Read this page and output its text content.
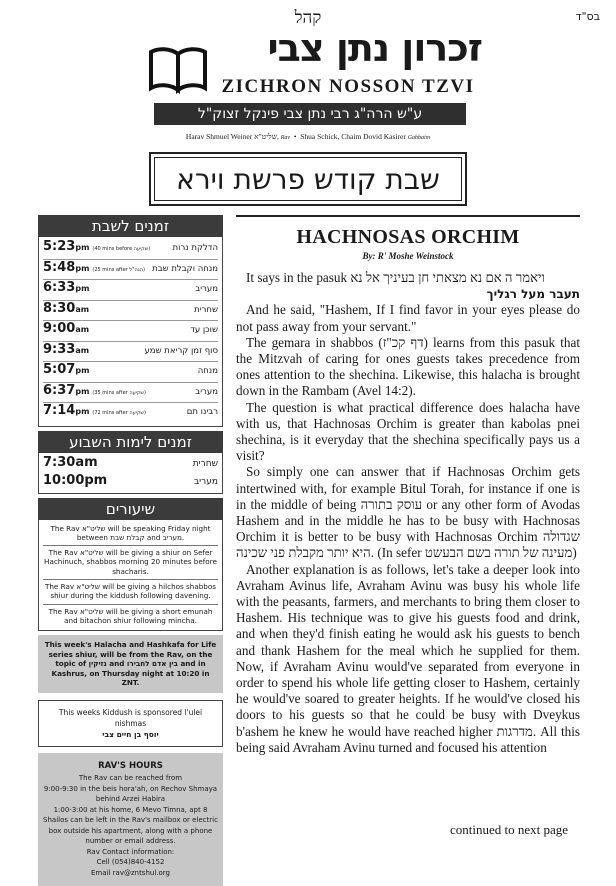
בס"ד
קהל
זכרון נתן צבי
ZICHRON NOSSON TZVI
ע"ש הרה"ג רבי נתן צבי פינקל זצוק"ל
Harav Shmuel Weiner שליט"א, Rav  •  Shua Schick, Chaim Dovid Kasirer Gabbaim
שבת קודש פרשת וירא
זמנים לשבת
5:23pm (40 mins before שקיעה)	הדלקת נרות
5:48pm (25 mins after הנה"ל) מנחה וקבלת שבת
6:33pm	מעריב
8:30am	שחרית
9:00am	שוכן עד
9:33am	סוף זמן קריאת שמע
5:07pm	מנחה
6:37pm (35 mins after שקיעה)	מעריב
7:14pm (72 mins after שקיעה)	רבינו תם
זמנים לימות השבוע
7:30am	שחרית
10:00pm	מעריב
שיעורים
The Rav שליט"א will be speaking Friday night between קבלת שבת and מעריב.
The Rav שליט"א will be giving a shiur on Sefer Hachinuch, shabbos morning 20 minutes before shacharis.
The Rav שליט"א will be giving a hilchos shabbos shiur during the kiddush following davening.
The Rav שליט"א will be giving a short emunah and bitachon shiur following mincha.
This week's Halacha and Hashkafa for Life series shiur, will be from the Rav, on the topic of נזיקין and בין אדם לחבירו and in Kashrus, on Thursday night at 10:20 in ZNT.
This weeks Kiddush is sponsored l'ulei nishmas
יוסף בן חיים צבי
RAV'S HOURS
The Rav can be reached from
9:00-9:30 in the beis hora'ah, on Rechov Shmaya behind Arzei Habira
1:00-3:00 at his home, 6 Mevo Timna, apt 8
Shailos can be left in the Rav's mailbox or electric box outside his apartment, along with a phone number or email address.
Rav Contact information:
Cell (054)840-4152
Email rav@zntshul.org
HACHNOSAS ORCHIM
By: R' Moshe Weinstock

It says in the pasuk ויאמר ה אם נא מצאתי חן בעיניך אל נא

תעבר מעל רגליך

And he said, "Hashem, If I find favor in your eyes please do not pass away from your servant."

The gemara in shabbos (דף קכ"ז) learns from this pasuk that the Mitzvah of caring for ones guests takes precedence from ones attention to the shechina. Likewise, this halacha is brought down in the Rambam (Avel 14:2).

The question is what practical difference does halacha have with us, that Hachnosas Orchim is greater than kabolas pnei shechina, is it everyday that the shechina specifically pays us a visit?

So simply one can answer that if Hachnosas Orchim gets intertwined with, for example Bitul Torah, for instance if one is in the middle of being עוסק בתורה or any other form of Avodas Hashem and in the middle he has to be busy with Hachnosas Orchim it is better to be busy with Hachnosas Orchim שגדולה היא יותר מקבלת פני שכינה. (In sefer מעינה של תורה בשם הבעשט)

Another explanation is as follows, let's take a deeper look into Avraham Avinus life, Avraham Avinu was busy his whole life with the peasants, farmers, and merchants to bring them closer to Hashem. His technique was to give his guests food and drink, and when they'd finish eating he would ask his guests to bench and thank Hashem for the meal which he supplied for them. Now, if Avraham Avinu would've separated from everyone in order to spend his whole life getting closer to Hashem, certainly he would've soared to greater heights. If he would've closed his doors to his guests so that he could be busy with Dveykus b'ashem he knew he would have reached higher מדרגות. All this being said Avraham Avinu turned and focused his attention

continued to next page
